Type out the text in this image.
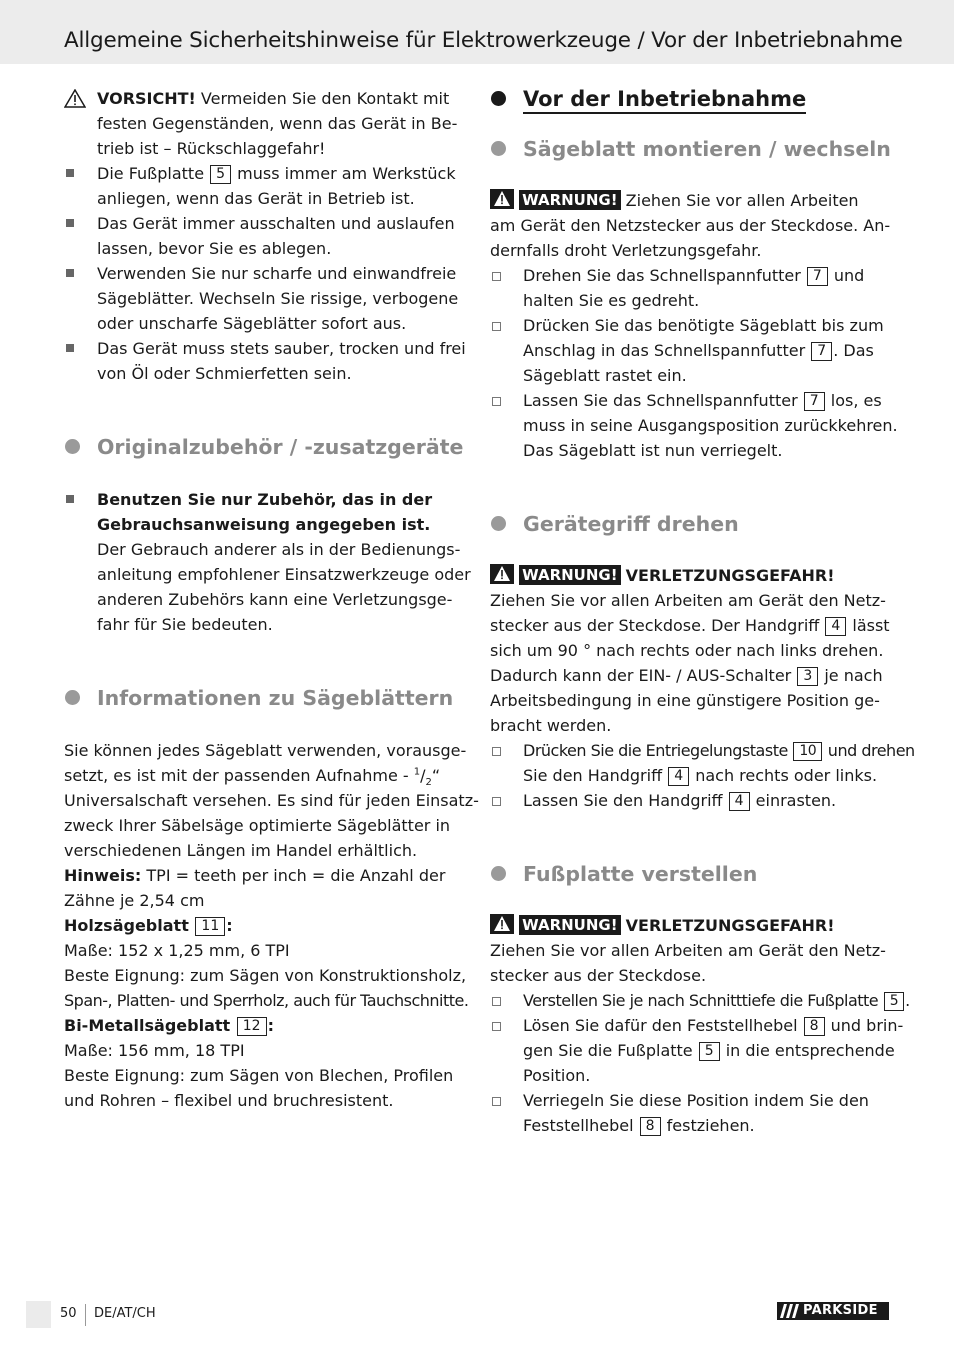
Allgemeine Sicherheitshinweise für Elektrowerkzeuge / Vor der Inbetriebnahme
VORSICHT! Vermeiden Sie den Kontakt mit
festen Gegenständen, wenn das Gerät in Be-
trieb ist – Rückschlaggefahr!
Die Fußplatte 5 muss immer am Werkstück
anliegen, wenn das Gerät in Betrieb ist.
Das Gerät immer ausschalten und auslaufen
lassen, bevor Sie es ablegen.
Verwenden Sie nur scharfe und einwandfreie
Sägeblätter. Wechseln Sie rissige, verbogene
oder unscharfe Sägeblätter sofort aus.
Das Gerät muss stets sauber, trocken und frei
von Öl oder Schmierfetten sein.
Originalzubehör / -zusatzgeräte
Benutzen Sie nur Zubehör, das in der
Gebrauchsanweisung angegeben ist.
Der Gebrauch anderer als in der Bedienungs-
anleitung empfohlener Einsatzwerkzeuge oder
anderen Zubehörs kann eine Verletzungsge-
fahr für Sie bedeuten.
Informationen zu Sägeblättern
Sie können jedes Sägeblatt verwenden, vorausge-
setzt, es ist mit der passenden Aufnahme - $^1/_2“$
Universalschaft versehen. Es sind für jeden Einsatz-
zweck Ihrer Säbelsäge optimierte Sägeblätter in
verschiedenen Längen im Handel erhältlich.
Hinweis: TPI = teeth per inch = die Anzahl der
Zähne je 2,54 cm
Holzsägeblatt 11 :
Maße: 152 x 1,25 mm, 6 TPI
Beste Eignung: zum Sägen von Konstruktionsholz,
Span-, Platten- und Sperrholz, auch für Tauchschnitte.
Bi-Metallsägeblatt 12 :
Maße: 156 mm, 18 TPI
Beste Eignung: zum Sägen von Blechen, Profilen
und Rohren – flexibel und bruchresistent.
Vor der Inbetriebnahme
Sägeblatt montieren / wechseln
WARNUNG! Ziehen Sie vor allen Arbeiten
am Gerät den Netzstecker aus der Steckdose. An-
dernfalls droht Verletzungsgefahr.
Drehen Sie das Schnellspannfutter 7 und
halten Sie es gedreht.
Drücken Sie das benötigte Sägeblatt bis zum
Anschlag in das Schnellspannfutter 7 . Das
Sägeblatt rastet ein.
Lassen Sie das Schnellspannfutter 7 los, es
muss in seine Ausgangsposition zurückkehren.
Das Sägeblatt ist nun verriegelt.
Gerätegriff drehen
WARNUNG! VERLETZUNGSGEFAHR!
Ziehen Sie vor allen Arbeiten am Gerät den Netz-
stecker aus der Steckdose. Der Handgriff 4 lässt
sich um 90 ° nach rechts oder nach links drehen.
Dadurch kann der EIN- / AUS-Schalter 3 je nach
Arbeitsbedingung in eine günstigere Position ge-
bracht werden.
Drücken Sie die Entriegelungstaste 10 und drehen
Sie den Handgriff 4 nach rechts oder links.
Lassen Sie den Handgriff 4 einrasten.
Fußplatte verstellen
WARNUNG! VERLETZUNGSGEFAHR!
Ziehen Sie vor allen Arbeiten am Gerät den Netz-
stecker aus der Steckdose.
Verstellen Sie je nach Schnitttiefe die Fußplatte 5 .
Lösen Sie dafür den Feststellhebel 8 und brin-
gen Sie die Fußplatte 5 in die entsprechende
Position.
Verriegeln Sie diese Position indem Sie den
Feststellhebel 8 festziehen.
50 DE/AT/CH	PARKSIDE
